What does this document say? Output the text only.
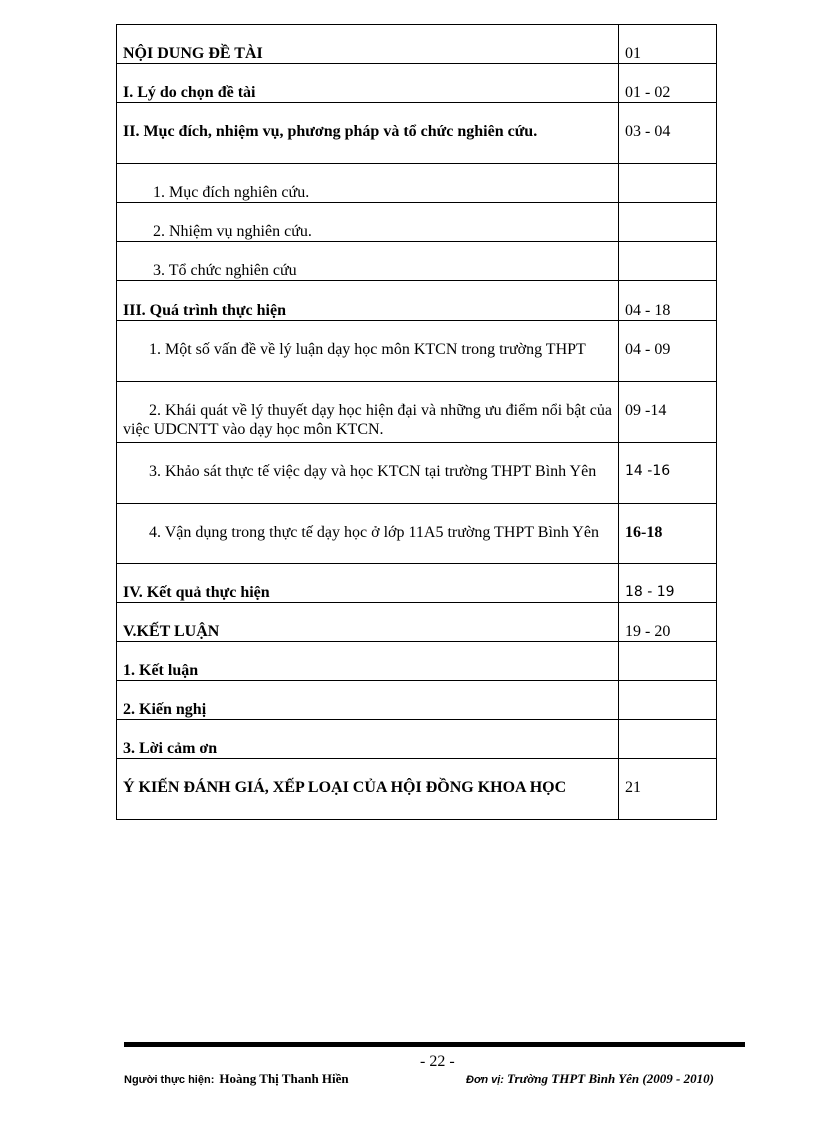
NỘI DUNG ĐỀ TÀI	01
I. Lý do chọn đề tài	01 - 02
II. Mục đích, nhiệm vụ, phương pháp và tổ chức nghiên cứu.	03 - 04
1. Mục đích nghiên cứu.	
2. Nhiệm vụ nghiên cứu.	
3. Tổ chức nghiên cứu	
III. Quá trình thực hiện	04 - 18
1. Một số vấn đề về lý luận dạy học môn KTCN trong trường THPT	04 - 09
2. Khái quát về lý thuyết dạy học hiện đại và những ưu điểm nổi bật của việc UDCNTT vào dạy học môn KTCN.	09 -14
3. Khảo sát thực tế việc dạy và học KTCN tại trường THPT Bình Yên	14 -16
4. Vận dụng trong thực tế dạy học ở lớp 11A5 trường THPT Bình Yên	16-18
IV. Kết quả thực hiện	18 - 19
V.KẾT LUẬN	19 - 20
1. Kết luận	
2. Kiến nghị	
3. Lời cảm ơn	
Ý KIẾN ĐÁNH GIÁ, XẾP LOẠI CỦA HỘI ĐỒNG KHOA HỌC	21
- 22 -
Người thực hiện: Hoàng Thị Thanh Hiền	Đơn vị: Trường THPT Bình Yên (2009 - 2010)
